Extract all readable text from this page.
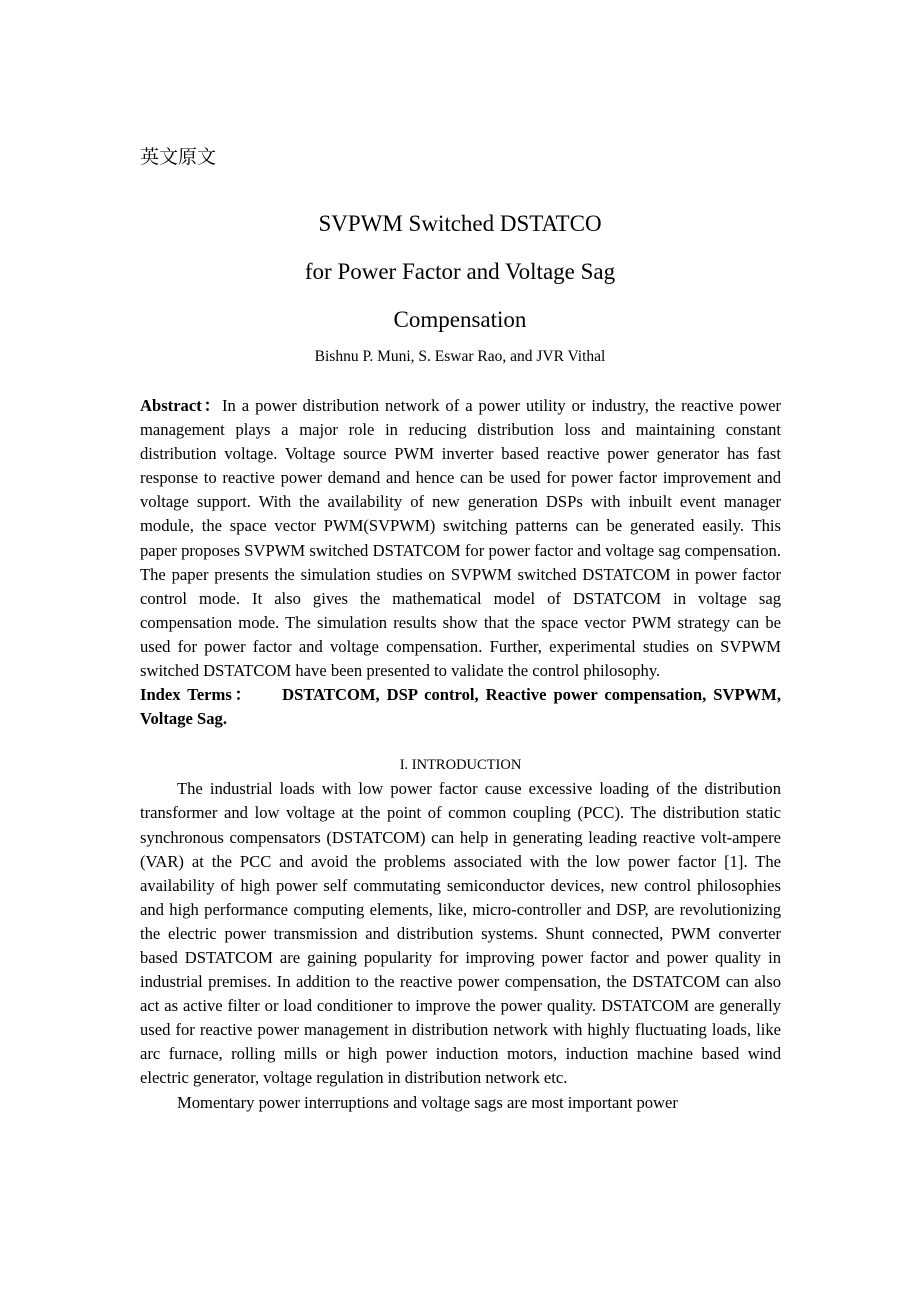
英文原文
SVPWM Switched DSTATCO
for Power Factor and Voltage Sag
Compensation

Bishnu P. Muni, S. Eswar Rao, and JVR Vithal

Abstract：In a power distribution network of a power utility or industry, the reactive power management plays a major role in reducing distribution loss and maintaining constant distribution voltage. Voltage source PWM inverter based reactive power generator has fast response to reactive power demand and hence can be used for power factor improvement and voltage support. With the availability of new generation DSPs with inbuilt event manager module, the space vector PWM(SVPWM) switching patterns can be generated easily. This paper proposes SVPWM switched DSTATCOM for power factor and voltage sag compensation. The paper presents the simulation studies on SVPWM switched DSTATCOM in power factor control mode. It also gives the mathematical model of DSTATCOM in voltage sag compensation mode. The simulation results show that the space vector PWM strategy can be used for power factor and voltage compensation. Further, experimental studies on SVPWM switched DSTATCOM have been presented to validate the control philosophy.

Index Terms： DSTATCOM, DSP control, Reactive power compensation, SVPWM, Voltage Sag.

I. INTRODUCTION

The industrial loads with low power factor cause excessive loading of the distribution transformer and low voltage at the point of common coupling (PCC). The distribution static synchronous compensators (DSTATCOM) can help in generating leading reactive volt-ampere (VAR) at the PCC and avoid the problems associated with the low power factor [1]. The availability of high power self commutating semiconductor devices, new control philosophies and high performance computing elements, like, micro-controller and DSP, are revolutionizing the electric power transmission and distribution systems. Shunt connected, PWM converter based DSTATCOM are gaining popularity for improving power factor and power quality in industrial premises. In addition to the reactive power compensation, the DSTATCOM can also act as active filter or load conditioner to improve the power quality. DSTATCOM are generally used for reactive power management in distribution network with highly fluctuating loads, like arc furnace, rolling mills or high power induction motors, induction machine based wind electric generator, voltage regulation in distribution network etc.

Momentary power interruptions and voltage sags are most important power
